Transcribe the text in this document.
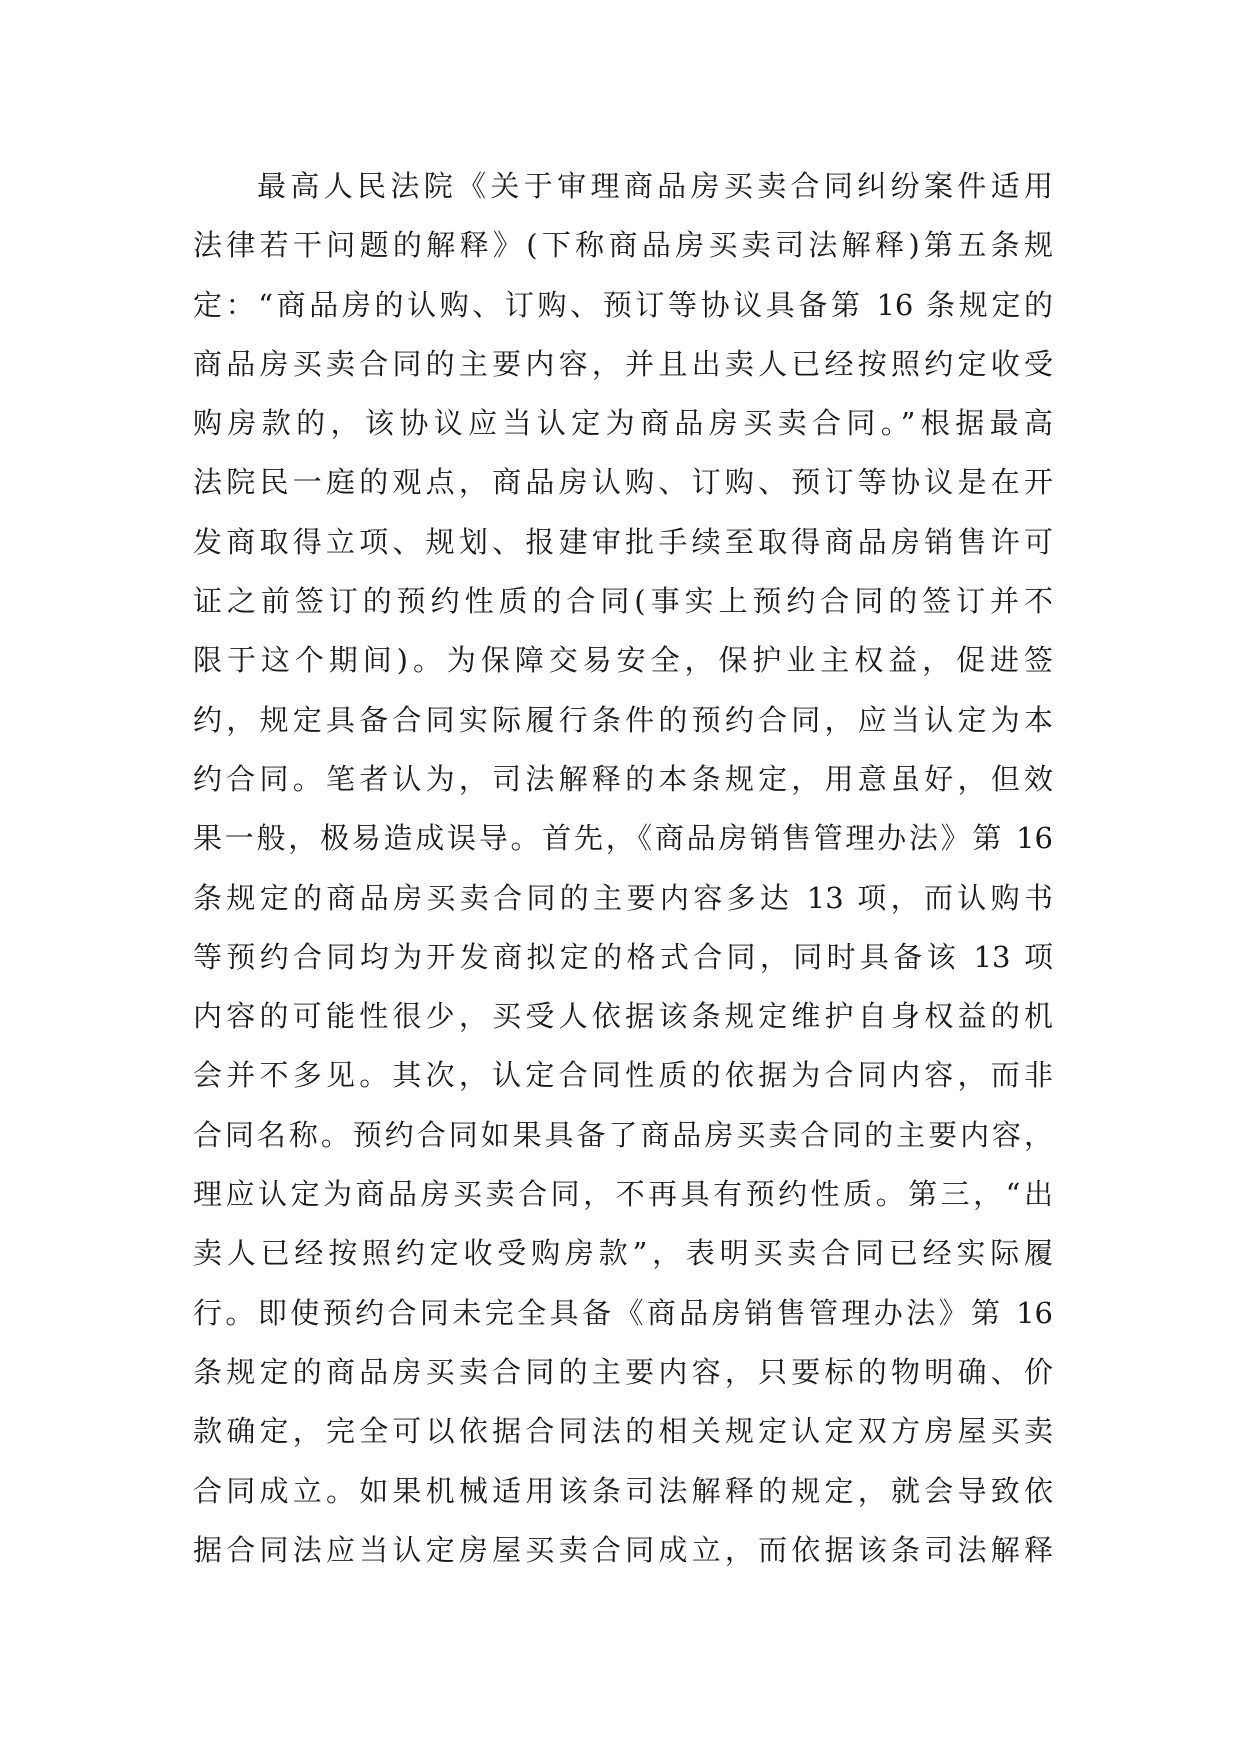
最高人民法院《关于审理商品房买卖合同纠纷案件适用
法律若干问题的解释》(下称商品房买卖司法解释)第五条规
定：“商品房的认购、订购、预订等协议具备第 16 条规定的
商品房买卖合同的主要内容，并且出卖人已经按照约定收受
购房款的，该协议应当认定为商品房买卖合同。”根据最高
法院民一庭的观点，商品房认购、订购、预订等协议是在开
发商取得立项、规划、报建审批手续至取得商品房销售许可
证之前签订的预约性质的合同(事实上预约合同的签订并不
限于这个期间)。为保障交易安全，保护业主权益，促进签
约，规定具备合同实际履行条件的预约合同，应当认定为本
约合同。笔者认为，司法解释的本条规定，用意虽好，但效
果一般，极易造成误导。首先，《商品房销售管理办法》第 16
条规定的商品房买卖合同的主要内容多达 13 项，而认购书
等预约合同均为开发商拟定的格式合同，同时具备该 13 项
内容的可能性很少，买受人依据该条规定维护自身权益的机
会并不多见。其次，认定合同性质的依据为合同内容，而非
合同名称。预约合同如果具备了商品房买卖合同的主要内容，
理应认定为商品房买卖合同，不再具有预约性质。第三，“出
卖人已经按照约定收受购房款”，表明买卖合同已经实际履
行。即使预约合同未完全具备《商品房销售管理办法》第 16
条规定的商品房买卖合同的主要内容，只要标的物明确、价
款确定，完全可以依据合同法的相关规定认定双方房屋买卖
合同成立。如果机械适用该条司法解释的规定，就会导致依
据合同法应当认定房屋买卖合同成立，而依据该条司法解释
